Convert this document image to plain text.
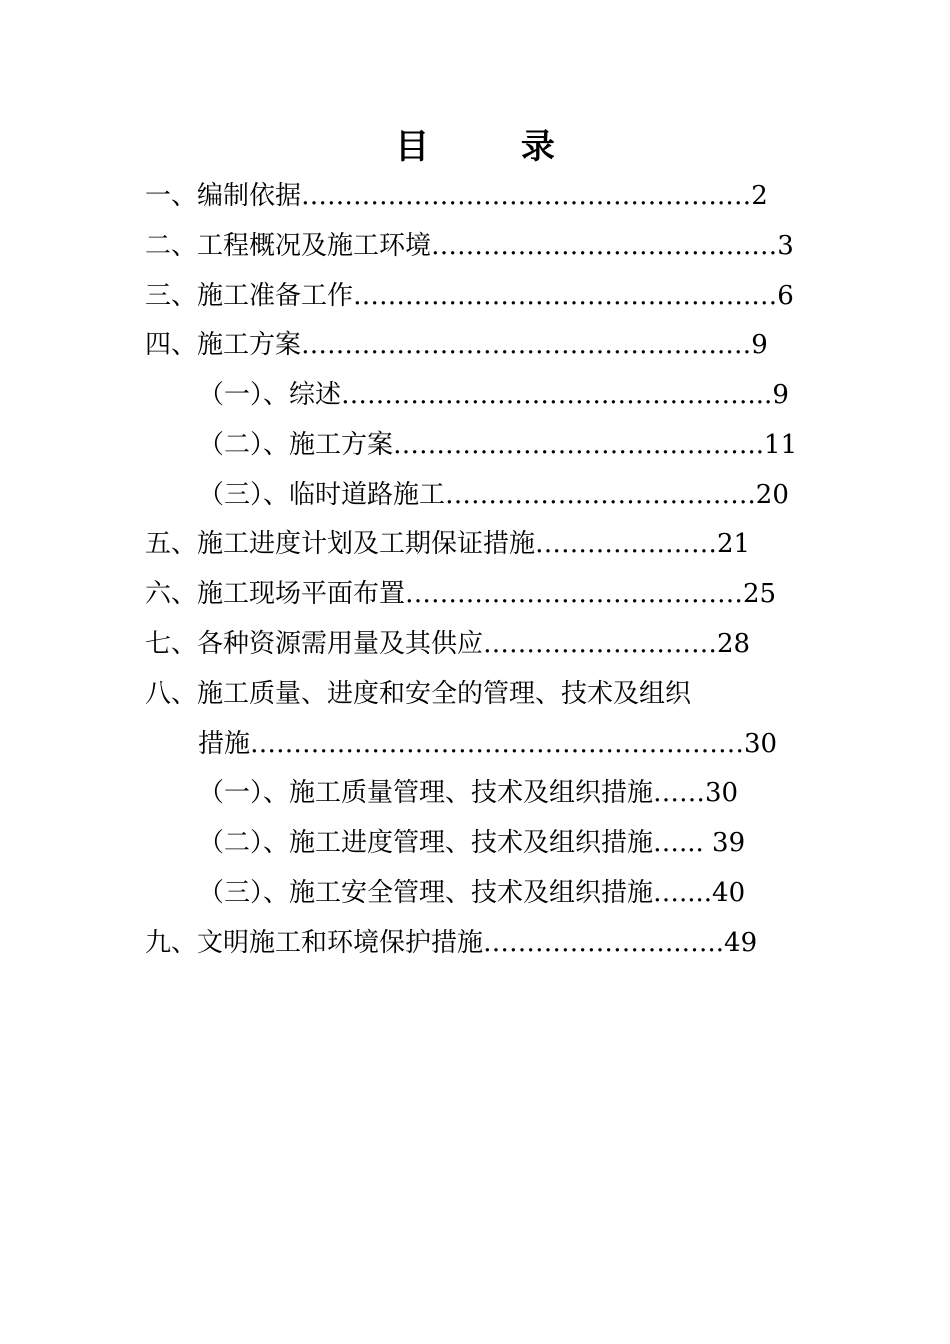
目 录
一、编制依据………………………………………….…2
二、工程概况及施工环境……………………………….…3
三、施工准备工作……………………………………….…6
四、施工方案………………………………………….…9
（一）、综述…………………………..……………...9
（二）、施工方案…………………………..………..11
（三）、临时道路施工……………..……………….20
五、施工进度计划及工期保证措施…………………21
六、施工现场平面布置…………………………………25
七、各种资源需用量及其供应………………………28
八、施工质量、进度和安全的管理、技术及组织
措施…………………………………………………30
（一）、施工质量管理、技术及组织措施……30
（二）、施工进度管理、技术及组织措施…... 39
（三）、施工安全管理、技术及组织措施…....40
九、文明施工和环境保护措施…………………..…..49
